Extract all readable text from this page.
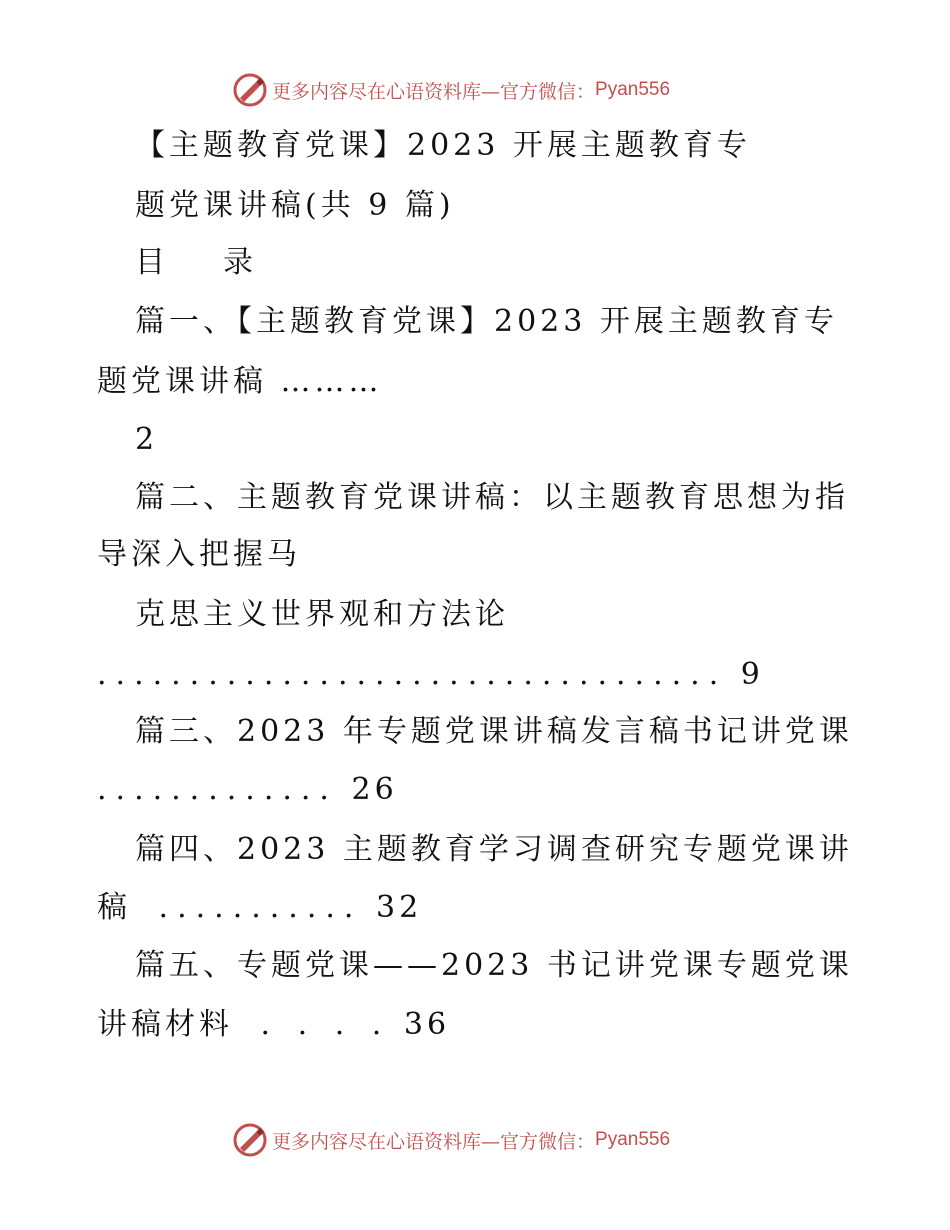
更多内容尽在心语资料库—官方微信： Pyan556
【主题教育党课】2023 开展主题教育专
题党课讲稿(共 9 篇)
目　录
篇一、【主题教育党课】2023 开展主题教育专
题党课讲稿 ………
2
篇二、主题教育党课讲稿：以主题教育思想为指
导深入把握马
克思主义世界观和方法论
.................................. 9
篇三、2023 年专题党课讲稿发言稿书记讲党课
............. 26
篇四、2023 主题教育学习调查研究专题党课讲
稿 ........... 32
篇五、专题党课——2023 书记讲党课专题党课
讲稿材料 . . . . 36
更多内容尽在心语资料库—官方微信： Pyan556
